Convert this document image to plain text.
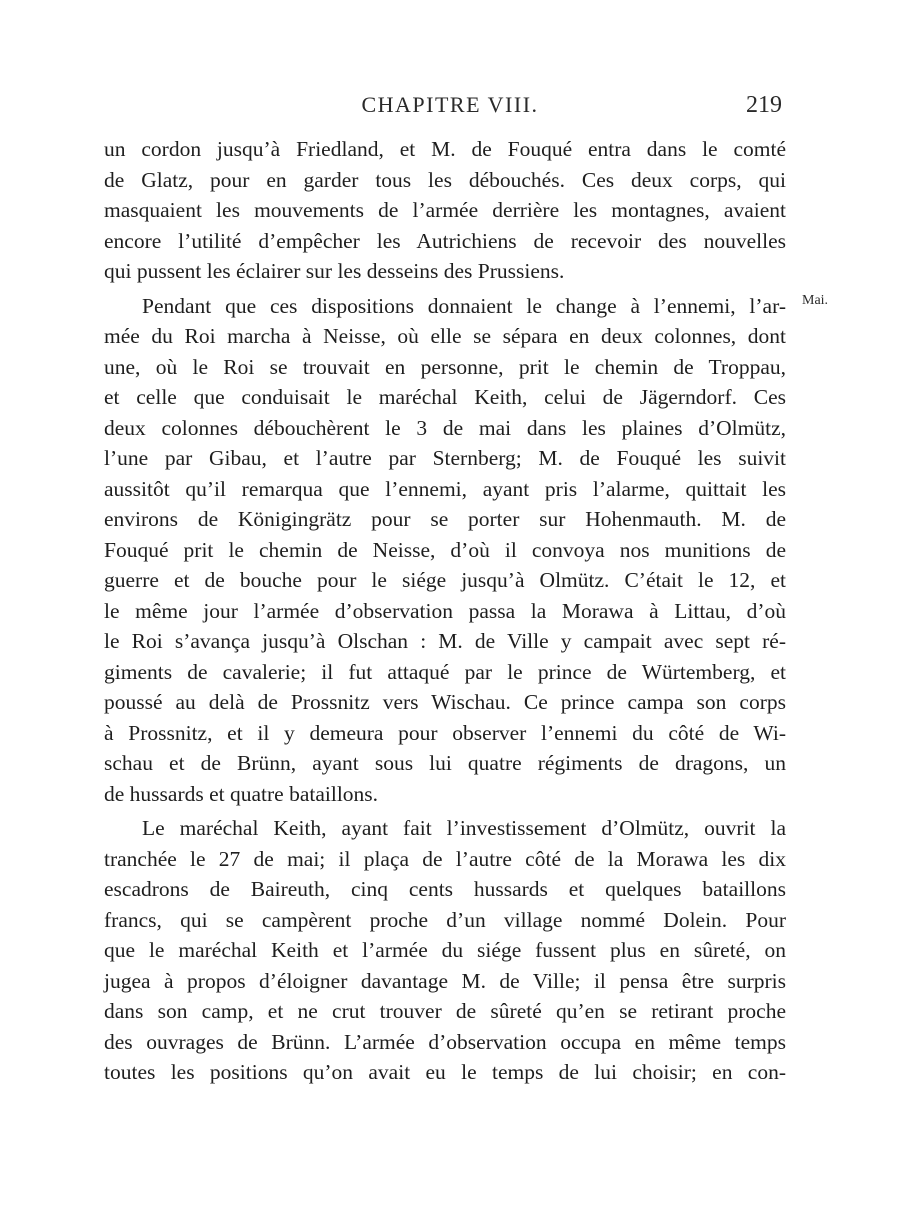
CHAPITRE VIII.	219
Mai.
un cordon jusqu’à Friedland, et M. de Fouqué entra dans le comté
de Glatz, pour en garder tous les débouchés. Ces deux corps, qui
masquaient les mouvements de l’armée derrière les montagnes, avaient
encore l’utilité d’empêcher les Autrichiens de recevoir des nouvelles
qui pussent les éclairer sur les desseins des Prussiens.
Pendant que ces dispositions donnaient le change à l’ennemi, l’ar-
mée du Roi marcha à Neisse, où elle se sépara en deux colonnes, dont
une, où le Roi se trouvait en personne, prit le chemin de Troppau,
et celle que conduisait le maréchal Keith, celui de Jägerndorf. Ces
deux colonnes débouchèrent le 3 de mai dans les plaines d’Olmütz,
l’une par Gibau, et l’autre par Sternberg; M. de Fouqué les suivit
aussitôt qu’il remarqua que l’ennemi, ayant pris l’alarme, quittait les
environs de Königingrätz pour se porter sur Hohenmauth. M. de
Fouqué prit le chemin de Neisse, d’où il convoya nos munitions de
guerre et de bouche pour le siége jusqu’à Olmütz. C’était le 12, et
le même jour l’armée d’observation passa la Morawa à Littau, d’où
le Roi s’avança jusqu’à Olschan : M. de Ville y campait avec sept ré-
giments de cavalerie; il fut attaqué par le prince de Würtemberg, et
poussé au delà de Prossnitz vers Wischau. Ce prince campa son corps
à Prossnitz, et il y demeura pour observer l’ennemi du côté de Wi-
schau et de Brünn, ayant sous lui quatre régiments de dragons, un
de hussards et quatre bataillons.
Le maréchal Keith, ayant fait l’investissement d’Olmütz, ouvrit la
tranchée le 27 de mai; il plaça de l’autre côté de la Morawa les dix
escadrons de Baireuth, cinq cents hussards et quelques bataillons
francs, qui se campèrent proche d’un village nommé Dolein. Pour
que le maréchal Keith et l’armée du siége fussent plus en sûreté, on
jugea à propos d’éloigner davantage M. de Ville; il pensa être surpris
dans son camp, et ne crut trouver de sûreté qu’en se retirant proche
des ouvrages de Brünn. L’armée d’observation occupa en même temps
toutes les positions qu’on avait eu le temps de lui choisir; en con-
